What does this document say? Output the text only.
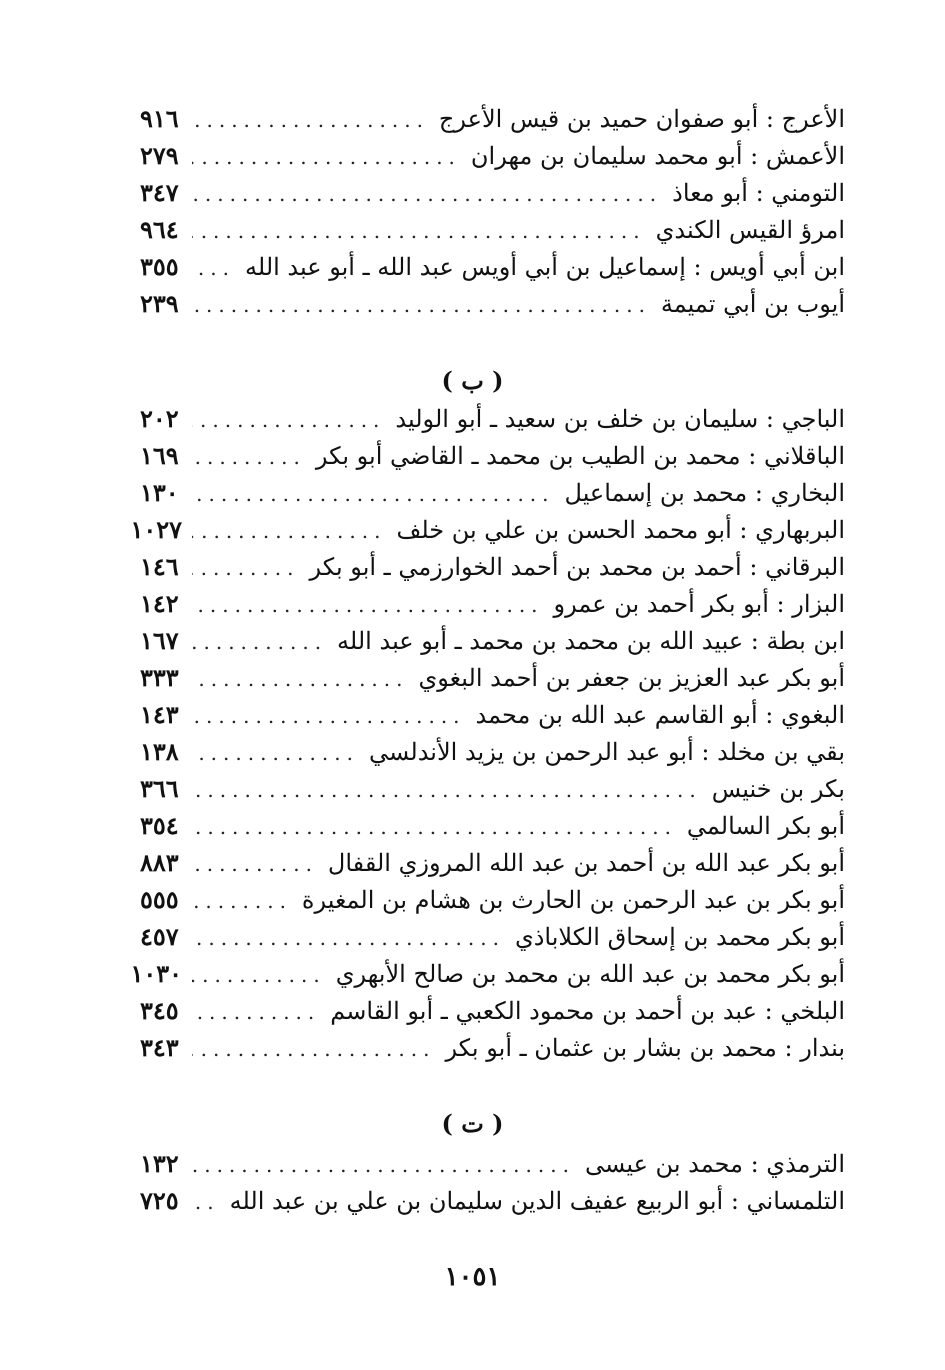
الأعرج : أبو صفوان حميد بن قيس الأعرج
.....
٩١٦
الأعمش : أبو محمد سليمان بن مهران
.....
٢٧٩
التومني : أبو معاذ
.....
٣٤٧
امرؤ القيس الكندي
.....
٩٦٤
ابن أبي أويس : إسماعيل بن أبي أويس عبد الله ـ أبو عبد الله
.....
٣٥٥
أيوب بن أبي تميمة
.....
٢٣٩
( ب )
الباجي : سليمان بن خلف بن سعيد ـ أبو الوليد
.....
٢٠٢
الباقلاني : محمد بن الطيب بن محمد ـ القاضي أبو بكر
.....
١٦٩
البخاري : محمد بن إسماعيل
.....
١٣٠
البربهاري : أبو محمد الحسن بن علي بن خلف
.....
١٠٢٧
البرقاني : أحمد بن محمد بن أحمد الخوارزمي ـ أبو بكر
.....
١٤٦
البزار : أبو بكر أحمد بن عمرو
.....
١٤٢
ابن بطة : عبيد الله بن محمد بن محمد ـ أبو عبد الله
.....
١٦٧
أبو بكر عبد العزيز بن جعفر بن أحمد البغوي
.....
٣٣٣
البغوي : أبو القاسم عبد الله بن محمد
.....
١٤٣
بقي بن مخلد : أبو عبد الرحمن بن يزيد الأندلسي
.....
١٣٨
بكر بن خنيس
.....
٣٦٦
أبو بكر السالمي
.....
٣٥٤
أبو بكر عبد الله بن أحمد بن عبد الله المروزي القفال
.....
٨٨٣
أبو بكر بن عبد الرحمن بن الحارث بن هشام بن المغيرة
.....
٥٥٥
أبو بكر محمد بن إسحاق الكلاباذي
.....
٤٥٧
أبو بكر محمد بن عبد الله بن محمد بن صالح الأبهري
.....
١٠٣٠
البلخي : عبد بن أحمد بن محمود الكعبي ـ أبو القاسم
.....
٣٤٥
بندار : محمد بن بشار بن عثمان ـ أبو بكر
.....
٣٤٣
( ت )
الترمذي : محمد بن عيسى
.....
١٣٢
التلمساني : أبو الربيع عفيف الدين سليمان بن علي بن عبد الله
.....
٧٢٥
١٠٥١
